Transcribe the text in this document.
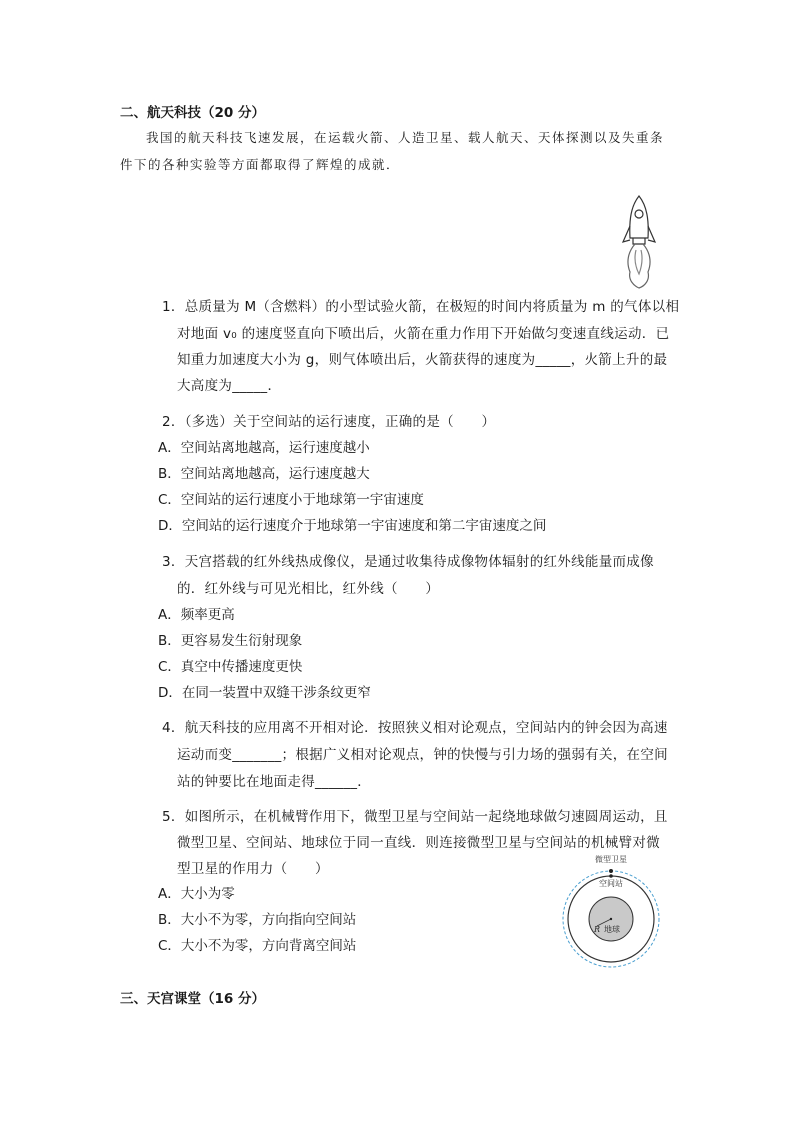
二、航天科技（20 分）
我国的航天科技飞速发展，在运载火箭、人造卫星、载人航天、天体探测以及失重条
件下的各种实验等方面都取得了辉煌的成就．
1．总质量为 M（含燃料）的小型试验火箭，在极短的时间内将质量为 m 的气体以相
对地面 v₀ 的速度竖直向下喷出后，火箭在重力作用下开始做匀变速直线运动．已
知重力加速度大小为 g，则气体喷出后，火箭获得的速度为_____，火箭上升的最
大高度为_____．
2．（多选）关于空间站的运行速度，正确的是（　　）
A．空间站离地越高，运行速度越小
B．空间站离地越高，运行速度越大
C．空间站的运行速度小于地球第一宇宙速度
D．空间站的运行速度介于地球第一宇宙速度和第二宇宙速度之间
3．天宫搭载的红外线热成像仪，是通过收集待成像物体辐射的红外线能量而成像
的．红外线与可见光相比，红外线（　　）
A．频率更高
B．更容易发生衍射现象
C．真空中传播速度更快
D．在同一装置中双缝干涉条纹更窄
4．航天科技的应用离不开相对论．按照狭义相对论观点，空间站内的钟会因为高速
运动而变_______；根据广义相对论观点，钟的快慢与引力场的强弱有关，在空间
站的钟要比在地面走得______．
5．如图所示，在机械臂作用下，微型卫星与空间站一起绕地球做匀速圆周运动，且
微型卫星、空间站、地球位于同一直线．则连接微型卫星与空间站的机械臂对微
型卫星的作用力（　　）
A．大小为零
B．大小不为零，方向指向空间站
C．大小不为零，方向背离空间站
微型卫星
空间站
R 地球
三、天宫课堂（16 分）
